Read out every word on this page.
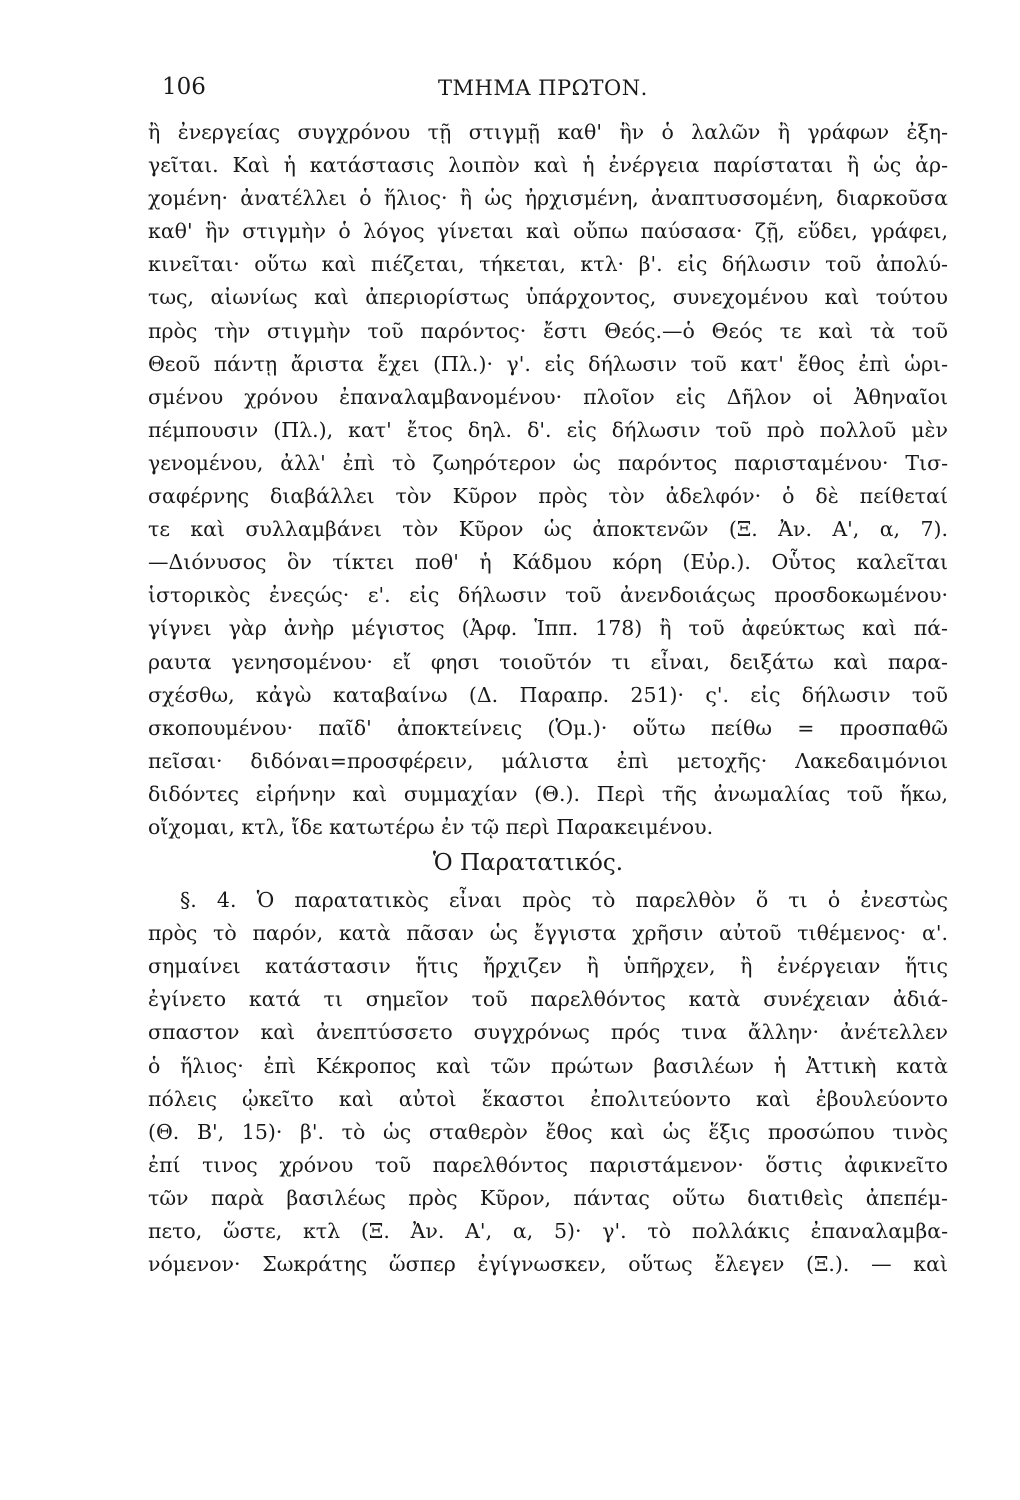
106	ΤΜΗΜΑ ΠΡΩΤΟΝ.
ἢ ἐνεργείας συγχρόνου τῇ στιγμῇ καθ' ἣν ὁ λαλῶν ἢ γράφων ἐξη-
γεῖται. Καὶ ἡ κατάστασις λοιπὸν καὶ ἡ ἐνέργεια παρίσταται ἢ ὡς ἀρ-
χομένη· ἀνατέλλει ὁ ἥλιος· ἢ ὡς ἠρχισμένη, ἀναπτυσσομένη, διαρκοῦσα
καθ' ἣν στιγμὴν ὁ λόγος γίνεται καὶ οὔπω παύσασα· ζῇ, εὕδει, γράφει,
κινεῖται· οὕτω καὶ πιέζεται, τήκεται, κτλ· β'. εἰς δήλωσιν τοῦ ἀπολύ-
τως, αἰωνίως καὶ ἀπεριορίστως ὑπάρχοντος, συνεχομένου καὶ τούτου
πρὸς τὴν στιγμὴν τοῦ παρόντος· ἔστι Θεός.—ὁ Θεός τε καὶ τὰ τοῦ
Θεοῦ πάντῃ ἄριστα ἔχει (Πλ.)· γ'. εἰς δήλωσιν τοῦ κατ' ἔθος ἐπὶ ὡρι-
σμένου χρόνου ἐπαναλαμβανομένου· πλοῖον εἰς Δῆλον οἱ Ἀθηναῖοι
πέμπουσιν (Πλ.), κατ' ἔτος δηλ. δ'. εἰς δήλωσιν τοῦ πρὸ πολλοῦ μὲν
γενομένου, ἀλλ' ἐπὶ τὸ ζωηρότερον ὡς παρόντος παρισταμένου· Τισ-
σαφέρνης διαβάλλει τὸν Κῦρον πρὸς τὸν ἀδελφόν· ὁ δὲ πείθεταί
τε καὶ συλλαμβάνει τὸν Κῦρον ὡς ἀποκτενῶν (Ξ. Ἀν. Α', α, 7).
—Διόνυσος ὃν τίκτει ποθ' ἡ Κάδμου κόρη (Εὐρ.). Οὗτος καλεῖται
ἱστορικὸς ἐνεςώς· ε'. εἰς δήλωσιν τοῦ ἀνενδοιάςως προσδοκωμένου·
γίγνει γὰρ ἀνὴρ μέγιστος (Ἀρφ. Ἱππ. 178) ἢ τοῦ ἀφεύκτως καὶ πά-
ραυτα γενησομένου· εἴ φησι τοιοῦτόν τι εἶναι, δειξάτω καὶ παρα-
σχέσθω, κἀγὼ καταβαίνω (Δ. Παραπρ. 251)· ς'. εἰς δήλωσιν τοῦ
σκοπουμένου· παῖδ' ἀποκτείνεις (Ὁμ.)· οὕτω πείθω = προσπαθῶ
πεῖσαι· διδόναι=προσφέρειν, μάλιστα ἐπὶ μετοχῆς· Λακεδαιμόνιοι
διδόντες εἰρήνην καὶ συμμαχίαν (Θ.). Περὶ τῆς ἀνωμαλίας τοῦ ἥκω,
οἴχομαι, κτλ, ἴδε κατωτέρω ἐν τῷ περὶ Παρακειμένου.
Ὁ Παρατατικός.
§. 4. Ὁ παρατατικὸς εἶναι πρὸς τὸ παρελθὸν ὅ τι ὁ ἐνεστὼς
πρὸς τὸ παρόν, κατὰ πᾶσαν ὡς ἔγγιστα χρῆσιν αὐτοῦ τιθέμενος· α'.
σημαίνει κατάστασιν ἥτις ἤρχιζεν ἢ ὑπῆρχεν, ἢ ἐνέργειαν ἥτις
ἐγίνετο κατά τι σημεῖον τοῦ παρελθόντος κατὰ συνέχειαν ἀδιά-
σπαστον καὶ ἀνεπτύσσετο συγχρόνως πρός τινα ἄλλην· ἀνέτελλεν
ὁ ἥλιος· ἐπὶ Κέκροπος καὶ τῶν πρώτων βασιλέων ἡ Ἀττικὴ κατὰ
πόλεις ᾠκεῖτο καὶ αὐτοὶ ἕκαστοι ἐπολιτεύοντο καὶ ἐβουλεύοντο
(Θ. Β', 15)· β'. τὸ ὡς σταθερὸν ἔθος καὶ ὡς ἕξις προσώπου τινὸς
ἐπί τινος χρόνου τοῦ παρελθόντος παριστάμενον· ὅστις ἀφικνεῖτο
τῶν παρὰ βασιλέως πρὸς Κῦρον, πάντας οὕτω διατιθεὶς ἀπεπέμ-
πετο, ὥστε, κτλ (Ξ. Ἀν. Α', α, 5)· γ'. τὸ πολλάκις ἐπαναλαμβα-
νόμενον· Σωκράτης ὥσπερ ἐγίγνωσκεν, οὕτως ἔλεγεν (Ξ.). — καὶ
